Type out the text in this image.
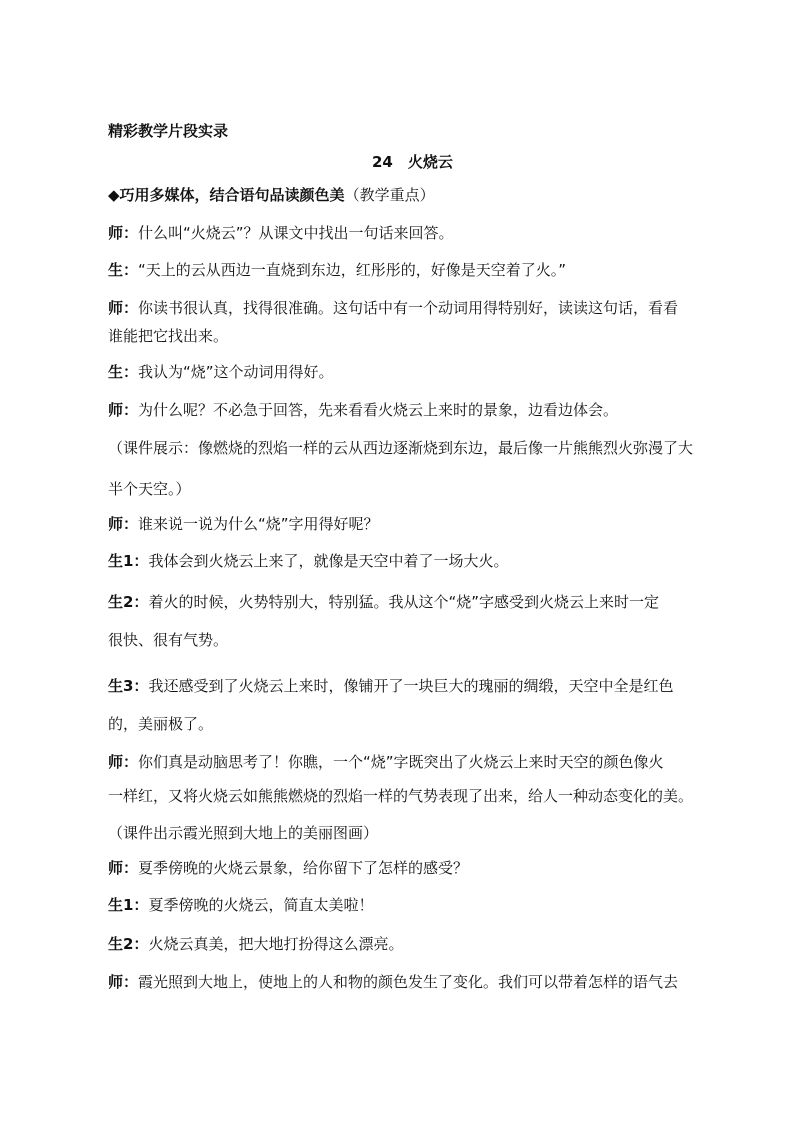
精彩教学片段实录
24　火烧云
◆巧用多媒体，结合语句品读颜色美（教学重点）
师：什么叫“火烧云”？从课文中找出一句话来回答。
生：“天上的云从西边一直烧到东边，红彤彤的，好像是天空着了火。”
师：你读书很认真，找得很准确。这句话中有一个动词用得特别好，读读这句话，看看
谁能把它找出来。
生：我认为“烧”这个动词用得好。
师：为什么呢？不必急于回答，先来看看火烧云上来时的景象，边看边体会。
（课件展示：像燃烧的烈焰一样的云从西边逐渐烧到东边，最后像一片熊熊烈火弥漫了大
半个天空。）
师：谁来说一说为什么“烧”字用得好呢？
生1：我体会到火烧云上来了，就像是天空中着了一场大火。
生2：着火的时候，火势特别大，特别猛。我从这个“烧”字感受到火烧云上来时一定
很快、很有气势。
生3：我还感受到了火烧云上来时，像铺开了一块巨大的瑰丽的绸缎，天空中全是红色
的，美丽极了。
师：你们真是动脑思考了！你瞧，一个“烧”字既突出了火烧云上来时天空的颜色像火
一样红，又将火烧云如熊熊燃烧的烈焰一样的气势表现了出来，给人一种动态变化的美。
（课件出示霞光照到大地上的美丽图画）
师：夏季傍晚的火烧云景象，给你留下了怎样的感受？
生1：夏季傍晚的火烧云，简直太美啦！
生2：火烧云真美，把大地打扮得这么漂亮。
师：霞光照到大地上，使地上的人和物的颜色发生了变化。我们可以带着怎样的语气去
